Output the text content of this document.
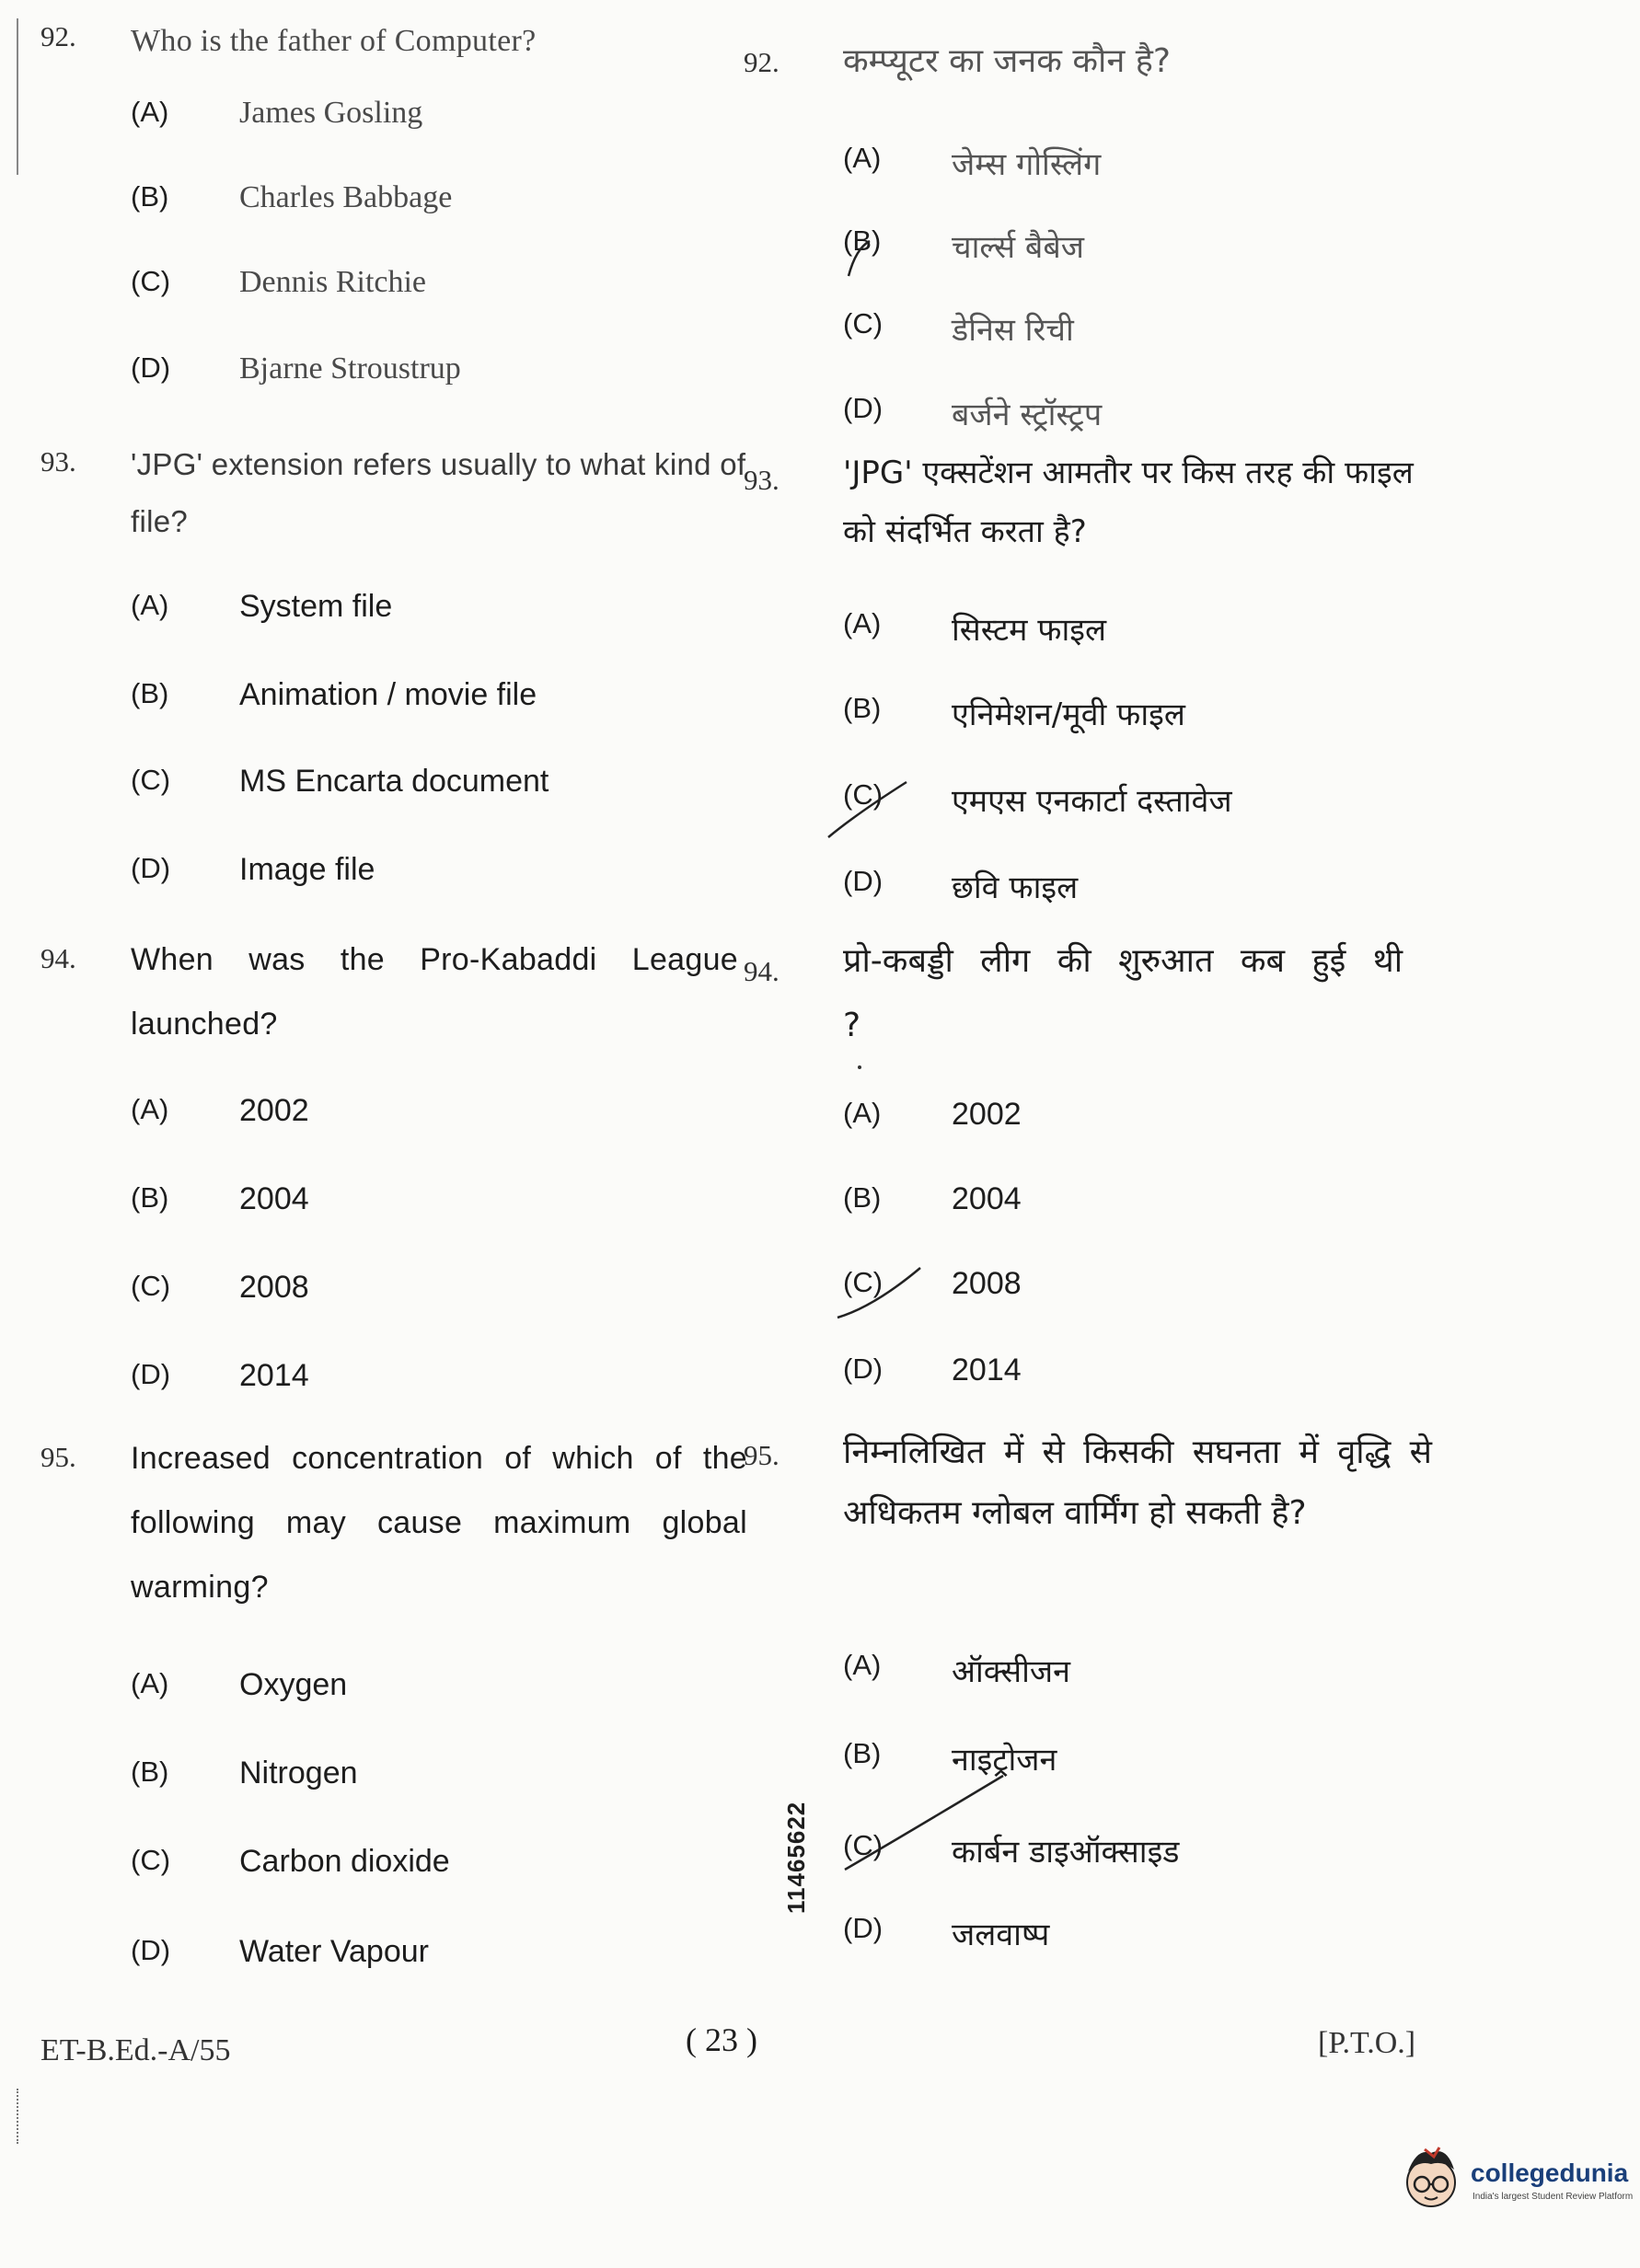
92. Who is the father of Computer?
(A)	James Gosling
(B)	Charles Babbage
(C)	Dennis Ritchie
(D)	Bjarne Stroustrup
92. कम्प्यूटर का जनक कौन है?
(A)	जेम्स गोस्लिंग
(B)	चार्ल्स बैबेज
(C)	डेनिस रिची
(D)	बर्जने स्ट्रॉस्ट्रप
93. 'JPG' extension refers usually to what kind of file?
(A)	System file
(B)	Animation / movie file
(C)	MS Encarta document
(D)	Image file
93. 'JPG' एक्सटेंशन आमतौर पर किस तरह की फाइल को संदर्भित करता है?
(A)	सिस्टम फाइल
(B)	एनिमेशन/मूवी फाइल
(C)	एमएस एनकार्टा दस्तावेज
(D)	छवि फाइल
94. When was the Pro-Kabaddi League launched?
(A)	2002
(B)	2004
(C)	2008
(D)	2014
94. प्रो-कबड्डी लीग की शुरुआत कब हुई थी ?
(A)	2002
(B)	2004
(C)	2008
(D)	2014
95. Increased concentration of which of the following may cause maximum global warming?
(A)	Oxygen
(B)	Nitrogen
(C)	Carbon dioxide
(D)	Water Vapour
95. निम्नलिखित में से किसकी सघनता में वृद्धि से अधिकतम ग्लोबल वार्मिंग हो सकती है?
(A)	ऑक्सीजन
(B)	नाइट्रोजन
(C)	कार्बन डाइऑक्साइड
(D)	जलवाष्प
11465622
ET-B.Ed.-A/55	( 23 )	[P.T.O.]
collegedunia
India's largest Student Review Platform
